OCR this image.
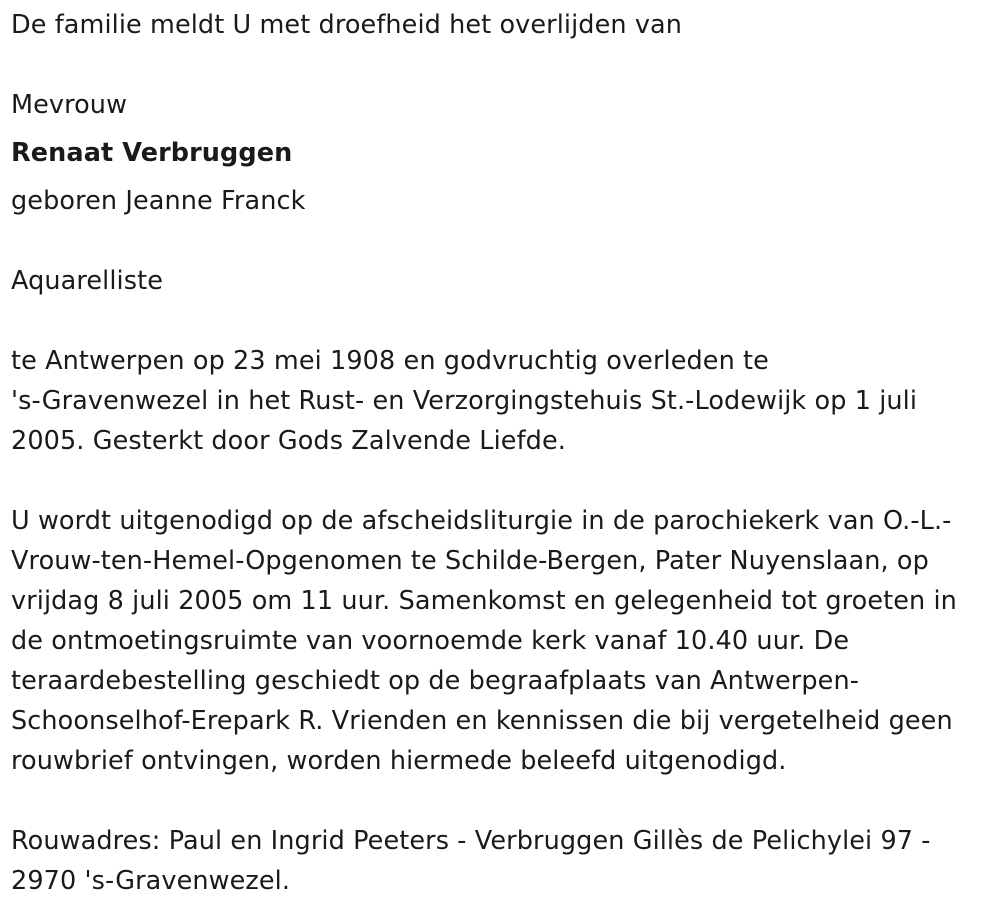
De familie meldt U met droefheid het overlijden van
Mevrouw
Renaat Verbruggen
geboren Jeanne Franck
Aquarelliste
te Antwerpen op 23 mei 1908 en godvruchtig overleden te
's-Gravenwezel in het Rust- en Verzorgingstehuis St.-Lodewijk op 1 juli
2005. Gesterkt door Gods Zalvende Liefde.
U wordt uitgenodigd op de afscheidsliturgie in de parochiekerk van O.-L.-
Vrouw-ten-Hemel-Opgenomen te Schilde-Bergen, Pater Nuyenslaan, op
vrijdag 8 juli 2005 om 11 uur. Samenkomst en gelegenheid tot groeten in
de ontmoetingsruimte van voornoemde kerk vanaf 10.40 uur. De
teraardebestelling geschiedt op de begraafplaats van Antwerpen-
Schoonselhof-Erepark R. Vrienden en kennissen die bij vergetelheid geen
rouwbrief ontvingen, worden hiermede beleefd uitgenodigd.
Rouwadres: Paul en Ingrid Peeters - Verbruggen Gillès de Pelichylei 97 -
2970 's-Gravenwezel.
